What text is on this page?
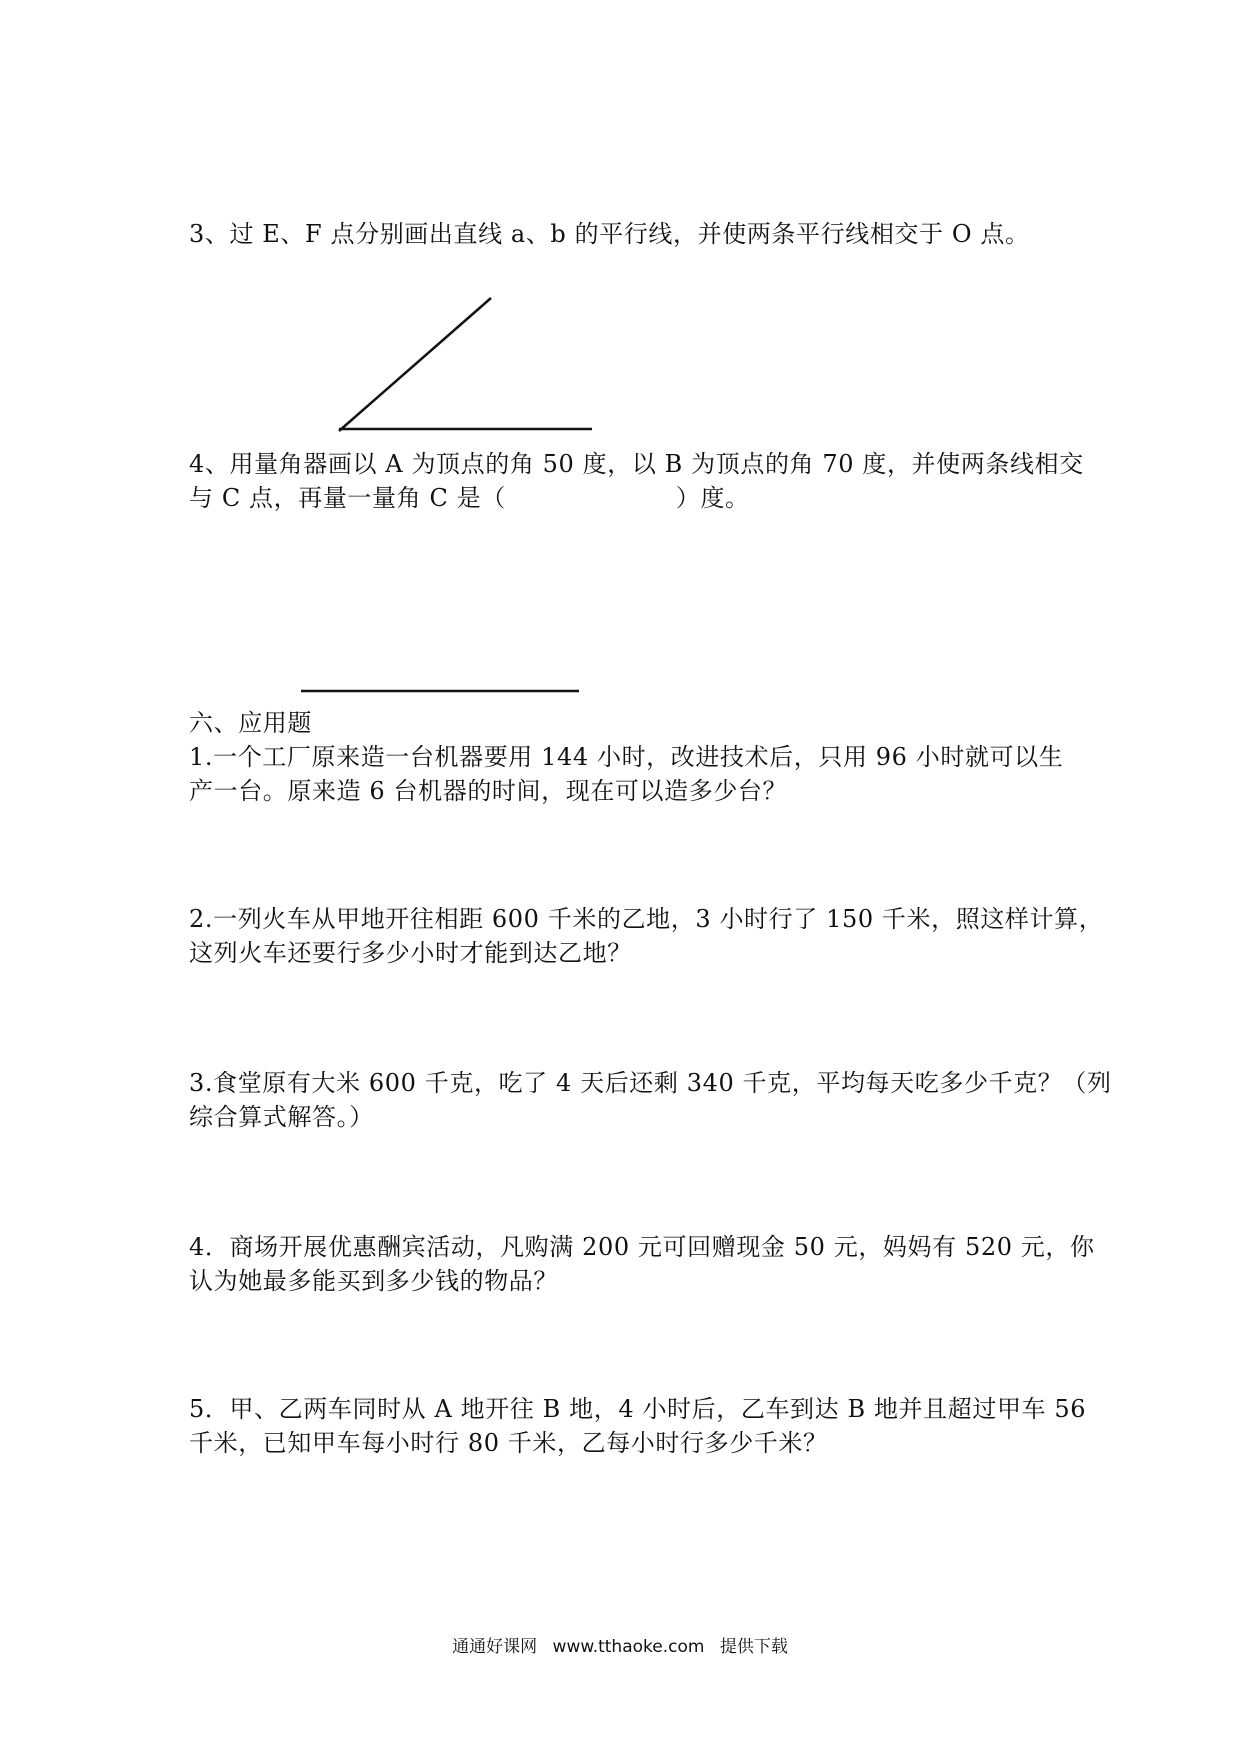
3、过 E、F 点分别画出直线 a、b 的平行线，并使两条平行线相交于 O 点。
4、用量角器画以 A 为顶点的角 50 度，以 B 为顶点的角 70 度，并使两条线相交
与 C 点，再量一量角 C 是（	）度。
六、应用题
1.一个工厂原来造一台机器要用 144 小时，改进技术后，只用 96 小时就可以生
产一台。原来造 6 台机器的时间，现在可以造多少台？
2.一列火车从甲地开往相距 600 千米的乙地，3 小时行了 150 千米，照这样计算，
这列火车还要行多少小时才能到达乙地？
3.食堂原有大米 600 千克，吃了 4 天后还剩 340 千克，平均每天吃多少千克？（列
综合算式解答。）
4．商场开展优惠酬宾活动，凡购满 200 元可回赠现金 50 元，妈妈有 520 元，你
认为她最多能买到多少钱的物品？
5．甲、乙两车同时从 A 地开往 B 地，4 小时后，乙车到达 B 地并且超过甲车 56
千米，已知甲车每小时行 80 千米，乙每小时行多少千米？
通通好课网 www.tthaoke.com 提供下载
